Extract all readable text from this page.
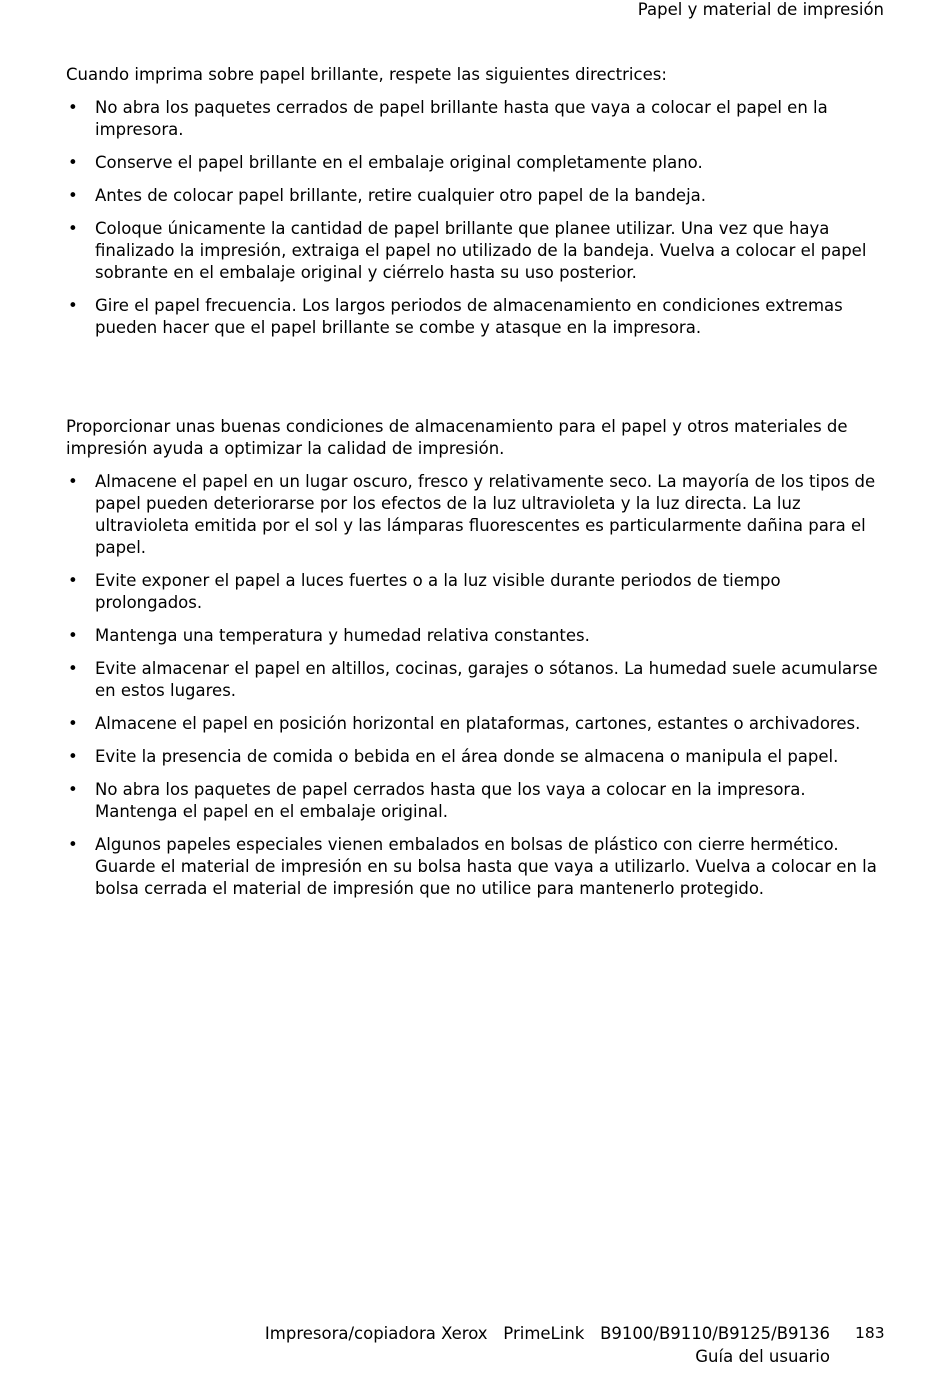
Papel y material de impresión

Cuando imprima sobre papel brillante, respete las siguientes directrices:

• No abra los paquetes cerrados de papel brillante hasta que vaya a colocar el papel en la impresora.
• Conserve el papel brillante en el embalaje original completamente plano.
• Antes de colocar papel brillante, retire cualquier otro papel de la bandeja.
• Coloque únicamente la cantidad de papel brillante que planee utilizar. Una vez que haya finalizado la impresión, extraiga el papel no utilizado de la bandeja. Vuelva a colocar el papel sobrante en el embalaje original y ciérrelo hasta su uso posterior.
• Gire el papel frecuencia. Los largos periodos de almacenamiento en condiciones extremas pueden hacer que el papel brillante se combe y atasque en la impresora.

Proporcionar unas buenas condiciones de almacenamiento para el papel y otros materiales de impresión ayuda a optimizar la calidad de impresión.

• Almacene el papel en un lugar oscuro, fresco y relativamente seco. La mayoría de los tipos de papel pueden deteriorarse por los efectos de la luz ultravioleta y la luz directa. La luz ultravioleta emitida por el sol y las lámparas fluorescentes es particularmente dañina para el papel.
• Evite exponer el papel a luces fuertes o a la luz visible durante periodos de tiempo prolongados.
• Mantenga una temperatura y humedad relativa constantes.
• Evite almacenar el papel en altillos, cocinas, garajes o sótanos. La humedad suele acumularse en estos lugares.
• Almacene el papel en posición horizontal en plataformas, cartones, estantes o archivadores.
• Evite la presencia de comida o bebida en el área donde se almacena o manipula el papel.
• No abra los paquetes de papel cerrados hasta que los vaya a colocar en la impresora. Mantenga el papel en el embalaje original.
• Algunos papeles especiales vienen embalados en bolsas de plástico con cierre hermético. Guarde el material de impresión en su bolsa hasta que vaya a utilizarlo. Vuelva a colocar en la bolsa cerrada el material de impresión que no utilice para mantenerlo protegido.
Impresora/copiadora Xerox   PrimeLink   B9100/B9110/B9125/B9136
Guía del usuario
183
